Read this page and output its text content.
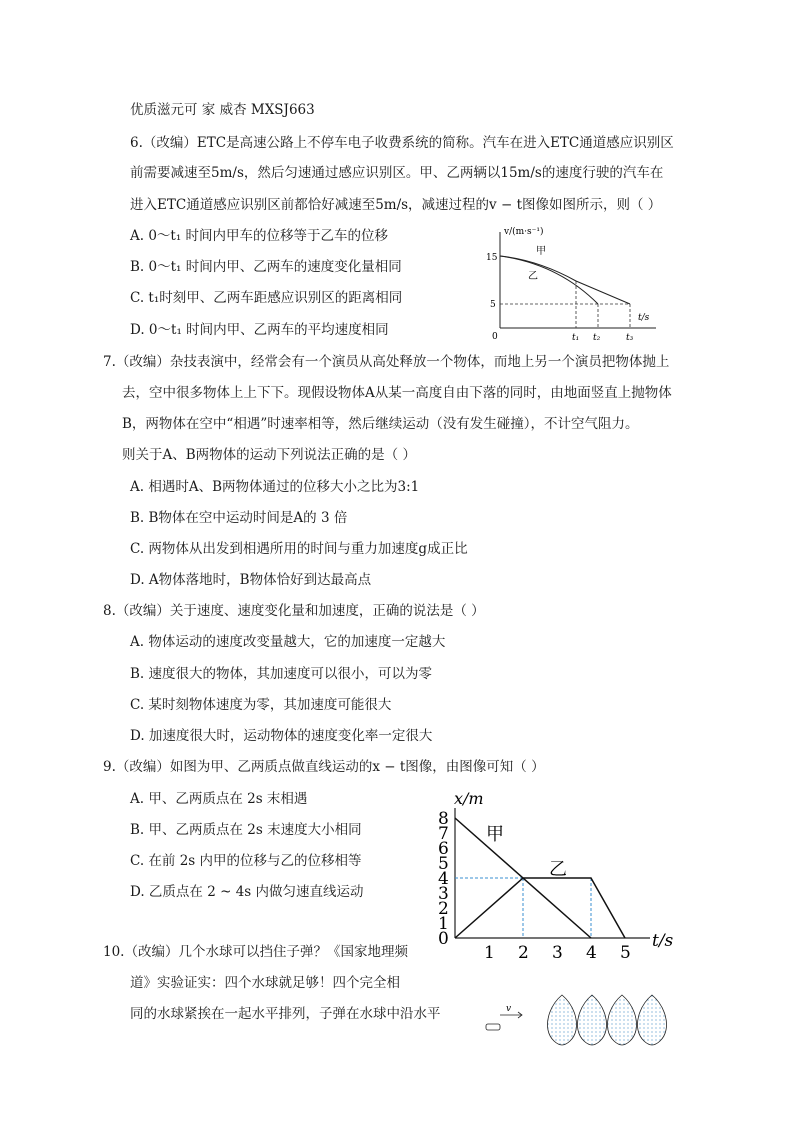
优质滋元可 家 威杏 MXSJ663
6.（改编）ETC是高速公路上不停车电子收费系统的简称。汽车在进入ETC通道感应识别区
前需要减速至5m/s，然后匀速通过感应识别区。甲、乙两辆以15m/s的速度行驶的汽车在
进入ETC通道感应识别区前都恰好减速至5m/s，减速过程的v − t图像如图所示，则（ ）
A. 0～t₁ 时间内甲车的位移等于乙车的位移
B. 0～t₁ 时间内甲、乙两车的速度变化量相同
C. t₁时刻甲、乙两车距感应识别区的距离相同
D. 0～t₁ 时间内甲、乙两车的平均速度相同
v/(m·s⁻¹)
t/s
15
5
0	t₁ t₂	t₃
甲
乙
7.（改编）杂技表演中，经常会有一个演员从高处释放一个物体，而地上另一个演员把物体抛上
去，空中很多物体上上下下。现假设物体A从某一高度自由下落的同时，由地面竖直上抛物体
B，两物体在空中“相遇”时速率相等，然后继续运动（没有发生碰撞），不计空气阻力。
则关于A、B两物体的运动下列说法正确的是（ ）
A. 相遇时A、B两物体通过的位移大小之比为3:1
B. B物体在空中运动时间是A的 3 倍
C. 两物体从出发到相遇所用的时间与重力加速度g成正比
D. A物体落地时，B物体恰好到达最高点
8.（改编）关于速度、速度变化量和加速度，正确的说法是（ ）
A. 物体运动的速度改变量越大，它的加速度一定越大
B. 速度很大的物体，其加速度可以很小，可以为零
C. 某时刻物体速度为零，其加速度可能很大
D. 加速度很大时，运动物体的速度变化率一定很大
9.（改编）如图为甲、乙两质点做直线运动的x − t图像，由图像可知（ ）
A. 甲、乙两质点在 2s 末相遇
B. 甲、乙两质点在 2s 末速度大小相同
C. 在前 2s 内甲的位移与乙的位移相等
D. 乙质点在 2 ~ 4s 内做匀速直线运动
x/m
t/s
8
7
6
5
4
3
2
1
0
1 2 3 4 5
甲
乙
10.（改编）几个水球可以挡住子弹？《国家地理频
道》实验证实：四个水球就足够！四个完全相
同的水球紧挨在一起水平排列，子弹在水球中沿水平	v
